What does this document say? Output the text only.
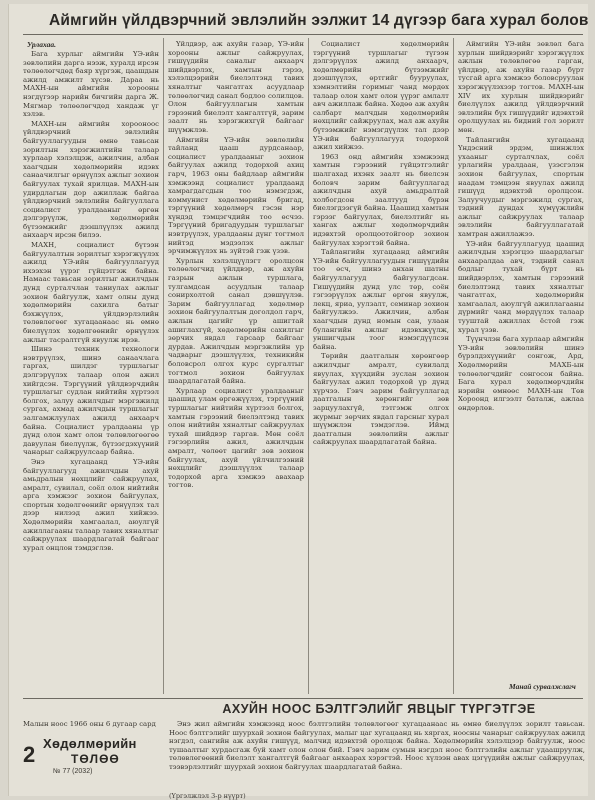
Аймгийн үйлдвэрчний эвлэлийн ээлжит 14 дүгээр бага хурал болов
Урлахаа.

Бага хурлыг аймгийн ҮЭ-ийн зөвлөлийн дарга нээж, хуралд ирсэн төлөөлөгчдөд баяр хүргэж, цаашдын ажилд амжилт хүсэв. Дараа нь МАХН-ын аймгийн хорооны нэгдүгээр нарийн бичгийн дарга Ж. Мягмар төлөөлөгчдөд хандаж үг хэлэв.

МАХН-ын аймгийн хорооноос үйлдвэрчний эвлэлийн байгууллагуудын өмнө тавьсан зорилтын хэрэгжилтийн талаар хурлаар хэлэлцэж, ажилчин, албан хаагчдын хөдөлмөрийн идэвх санаачилгыг өрнүүлэх ажлыг зохион байгуулах тухай ярилцав. МАХН-ын удирдлагын дор ажиллаж байгаа үйлдвэрчний эвлэлийн байгууллага социалист уралдааныг өргөн дэлгэрүүлж, хөдөлмөрийн бүтээмжийг дээшлүүлэх ажилд анхаарч ирсэн билээ.

МАХН, социалист бүтээн байгуулалтын зорилтыг хэрэгжүүлэх ажилд ҮЭ-ийн байгууллагууд ихээхэн үүрэг гүйцэтгэж байна. Намаас тавьсан зорилтыг ажилчдын дунд сурталчлан таниулах ажлыг зохион байгуулж, хамт олны дунд хөдөлмөрийн сахилга батыг бэхжүүлэх, үйлдвэрлэлийн төлөвлөгөөг хугацаанаас нь өмнө биелүүлэх хөдөлгөөнийг өрнүүлэх ажлыг тасралтгүй явуулж ирэв.

Шинэ техник технологи нэвтрүүлэх, шинэ санаачлага гаргах, шилдэг туршлагыг дэлгэрүүлэх талаар олон ажил хийгдсэн. Тэргүүний үйлдвэрчдийн туршлагыг судлан нийтийн хүртээл болгох, залуу ажилчдыг мэргэжилд сургах, ахмад ажилчдын туршлагыг залгамжлуулах ажилд анхаарч байна. Социалист уралдааны үр дүнд олон хамт олон төлөвлөгөөгөө давуулан биелүүлж, бүтээгдэхүүний чанарыг сайжруулсаар байна.

Энэ хугацаанд ҮЭ-ийн байгууллагууд ажилчдын ахуй амьдралын нөхцлийг сайжруулах, амралт, сувилал, соёл олон нийтийн арга хэмжээг зохион байгуулах, спортын хөдөлгөөнийг өрнүүлэх тал дээр нилээд ажил хийжээ. Хөдөлмөрийн хамгаалал, аюулгүй ажиллагааны талаар тавих хяналтыг сайжруулах шаардлагатай байгааг хурал онцлон тэмдэглэв.

Үйлдвэр, аж ахуйн газар, ҮЭ-ийн хорооны ажлыг сайжруулах, гишүүдийн саналыг анхаарч шийдвэрлэх, хамтын гэрээ, хэлэлцээрийн биелэлтэнд тавих хяналтыг чангатгах асуудлаар төлөөлөгчид санал бодлоо солилцов. Олон байгууллагын хамтын гэрээний биелэлт хангалтгүй, зарим заалт нь хэрэгжихгүй байгааг шүүмжлэв.

Аймгийн ҮЭ-ийн зөвлөлийн тайланд цааш дурдсанаар, социалист уралдааныг зохион байгуулах ажилд тодорхой ахиц гарч, 1963 оны байдлаар аймгийн хэмжээнд социалист уралдаанд хамрагдагсдын тоо нэмэгдэж, коммунист хөдөлмөрийн бригад, тэргүүний хөдөлмөрч гэсэн нэр хүндэд тэмцэгчдийн тоо өсчээ. Тэргүүний бригадуудын туршлагыг нэвтрүүлэх, уралдааны дүнг тогтмол нийтэд мэдээлэх ажлыг эрчимжүүлэх нь зүйтэй гэж үзэв.

Хурлын хэлэлцүүлэгт оролцсон төлөөлөгчид үйлдвэр, аж ахуйн газрын ажлын туршлага, тулгамдсан асуудлын талаар сонирхолтой санал дэвшүүлэв. Зарим байгууллагад хөдөлмөр зохион байгуулалтын доголдол гарч, ажлын цагийг үр ашигтай ашиглахгүй, хөдөлмөрийн сахилгыг зөрчих явдал гарсаар байгааг дурдав. Ажилчдын мэргэжлийн ур чадварыг дээшлүүлэх, техникийн боловсрол олгох курс сургалтыг тогтмол зохион байгуулах шаардлагатай байна.

Хурлаар социалист уралдааныг цаашид улам өргөжүүлэх, тэргүүний туршлагыг нийтийн хүртээл болгох, хамтын гэрээний биелэлтэнд тавих олон нийтийн хяналтыг сайжруулах тухай шийдвэр гаргав. Мөн соёл гэгээрлийн ажил, ажилчдын амралт, чөлөөт цагийг зөв зохион байгуулах, ахуй үйлчилгээний нөхцлийг дээшлүүлэх талаар тодорхой арга хэмжээ авахаар тогтов.

Социалист хөдөлмөрийн тэргүүний туршлагыг түгээн дэлгэрүүлэх ажилд анхаарч, хөдөлмөрийн бүтээмжийг дээшлүүлэх, өртгийг бууруулах, хэмнэлтийн горимыг чанд мөрдөх талаар олон хамт олон үүрэг амлалт авч ажиллаж байна. Хөдөө аж ахуйн салбарт малчдын хөдөлмөрийн нөхцлийг сайжруулах, мал аж ахуйн бүтээмжийг нэмэгдүүлэх тал дээр ҮЭ-ийн байгууллагууд тодорхой ажил хийжээ.

1963 онд аймгийн хэмжээнд хамтын гэрээний гүйцэтгэлийг шалгахад ихэнх заалт нь биелсэн боловч зарим байгууллагад ажилчдын ахуй амьдралтай холбогдсон заалтууд бүрэн биелэгдээгүй байна. Цаашид хамтын гэрээг байгуулах, биелэлтийг нь хангах ажлыг хөдөлмөрчдийн идэвхтэй оролцоотойгоор зохион байгуулах хэрэгтэй байна.

Тайлангийн хугацаанд аймгийн ҮЭ-ийн байгууллагуудын гишүүдийн тоо өсч, шинэ анхан шатны байгууллагууд байгуулагдсан. Гишүүдийн дунд улс төр, соён гэгээрүүлэх ажлыг өргөн явуулж, лекц, яриа, уулзалт, семинар зохион байгуулжээ. Ажилчин, албан хаагчдын дунд номын сан, улаан булангийн ажлыг идэвхжүүлж, уншигчдын тоог нэмэгдүүлсэн байна.

Төрийн даатгалын хөрөнгөөр ажилчдыг амралт, сувилалд явуулах, хүүхдийн зуслан зохион байгуулах ажил тодорхой үр дүнд хүрчээ. Гэвч зарим байгууллагад даатгалын хөрөнгийг зөв зарцуулахгүй, тэтгэмж олгох журмыг зөрчих явдал гарсныг хурал шүүмжлэн тэмдэглэв. Иймд даатгалын зөвлөлийн ажлыг сайжруулах шаардлагатай байна.

Аймгийн ҮЭ-ийн зөвлөл бага хурлын шийдвэрийг хэрэгжүүлэх ажлын төлөвлөгөө гарган, үйлдвэр, аж ахуйн газар бүрт тусгай арга хэмжээ боловсруулан хэрэгжүүлэхээр тогтов. МАХН-ын XIV их хурлын шийдвэрийг биелүүлэх ажилд үйлдвэрчний эвлэлийн бүх гишүүдийг идэвхтэй оролцуулах нь бидний гол зорилт мөн.

Тайлангийн хугацаанд Үндэсний эрдэм, шинжлэх ухааныг сурталчлах, соёл урлагийн уралдаан, үзэсгэлэн зохион байгуулах, спортын наадам тэмцээн явуулах ажилд гишүүд идэвхтэй оролцсон. Залуучуудыг мэргэжилд сургах, тэдний дундах хүмүүжлийн ажлыг сайжруулах талаар эвлэлийн байгууллагатай хамтран ажиллажээ.

ҮЭ-ийн байгууллагууд цаашид ажилчдын хэрэгцээ шаардлагыг анхааралдаа авч, тэдний санал бодлыг тухай бүрт нь шийдвэрлэх, хамтын гэрээний биелэлтэнд тавих хяналтыг чангатгах, хөдөлмөрийн хамгаалал, аюулгүй ажиллагааны дүрмийг чанд мөрдүүлэх талаар тууштай ажиллах ёстой гэж хурал үзэв.

Түүнчлэн бага хурлаар аймгийн ҮЭ-ийн зөвлөлийн шинэ бүрэлдэхүүнийг сонгож, Ард, Хөдөлмөрийн МАХБ-ын төлөөлөгчдийг сонгосон байна. Бага хурал хөдөлмөрчдийн нэрийн өмнөөс МАХН-ын Төв Хороонд илгээлт баталж, ажлаа өндөрлөв.

Манай сурвалжлагч
Малын ноос 1966 оны 6 дугаар сард
2 Хөдөлмөрийн
ТӨЛӨӨ
№ 77 (2032)
АХУЙН НООС БЭЛТГЭЛИЙГ ЯВЦЫГ ТҮРГЭТГЭЕ
Энэ жил аймгийн хэмжээнд ноос бэлтгэлийн төлөвлөгөөг хугацаанаас нь өмнө биелүүлэх зорилт тавьсан. Ноос бэлтгэлийг шуурхай зохион байгуулах, малыг цаг хугацаанд нь хяргах, ноосны чанарыг сайжруулах ажилд нэгдэл, сангийн аж ахуйн гишүүд, малчид идэвхтэй оролцож байна. Хөдөлмөрийн хэлэлцээр байгуулж, ноос тушаалтыг хурдасгаж буй хамт олон олон бий. Гэвч зарим сумын нэгдэл ноос бэлтгэлийн ажлыг удаашруулж, төлөвлөгөөний биелэлт хангалтгүй байгааг анхаарах хэрэгтэй. Ноос хүлээн авах цэгүүдийн ажлыг сайжруулах, тээвэрлэлтийг шуурхай зохион байгуулах шаардлагатай байна.
(Үргэлжлэл 3-р нүүрт)
